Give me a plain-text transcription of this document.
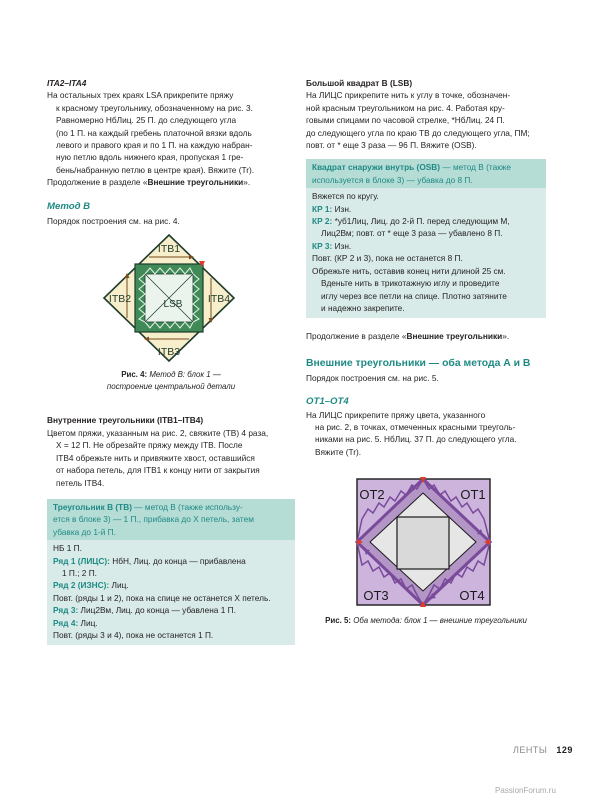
ITA2–ITA4

На остальных трех краях LSA прикрепите пряжу

к красному треугольнику, обозначенному на рис. 3.

Равномерно НбЛиц. 25 П. до следующего угла

(по 1 П. на каждый гребень платочной вязки вдоль

левого и правого края и по 1 П. на каждую набран-

ную петлю вдоль нижнего края, пропуская 1 гре-

бень/набранную петлю в центре края). Вяжите (Tr).

Продолжение в разделе «Внешние треугольники».

Метод В

Порядок построения см. на рис. 4.

ITB1
ITB2	ITB4
ITB3
LSB

Рис. 4: Метод В: блок 1 —

построение центральной детали

Внутренние треугольники (ITB1–ITB4)

Цветом пряжи, указанным на рис. 2, свяжите (TB) 4 раза,

Х = 12 П. Не обрезайте пряжу между ITB. После

ITB4 обрежьте нить и привяжите хвост, оставшийся

от набора петель, для ITB1 к концу нити от закрытия

петель ITB4.

Треугольник В (TB) — метод В (также использу-

ется в блоке 3) — 1 П., прибавка до Х петель, затем

убавка до 1-й П.

НБ 1 П.

Ряд 1 (ЛИЦС): НбН, Лиц. до конца — прибавлена

1 П.; 2 П.

Ряд 2 (ИЗНС): Лиц.

Повт. (ряды 1 и 2), пока на спице не останется Х петель.

Ряд 3: Лиц2Вм, Лиц. до конца — убавлена 1 П.

Ряд 4: Лиц.

Повт. (ряды 3 и 4), пока не останется 1 П.

Большой квадрат В (LSB)

На ЛИЦС прикрепите нить к углу в точке, обозначен-

ной красным треугольником на рис. 4. Работая кру-

говыми спицами по часовой стрелке, *НбЛиц. 24 П.

до следующего угла по краю TB до следующего угла, ПМ;

повт. от * еще 3 раза — 96 П. Вяжите (OSB).

Квадрат снаружи внутрь (OSB) — метод В (также

используется в блоке 3) — убавка до 8 П.

Вяжется по кругу.

КР 1: Изн.

КР 2: *уб1Лиц, Лиц. до 2-й П. перед следующим М,

Лиц2Вм; повт. от * еще 3 раза — убавлено 8 П.

КР 3: Изн.

Повт. (КР 2 и 3), пока не останется 8 П.

Обрежьте нить, оставив конец нити длиной 25 см.

Вденьте нить в трикотажную иглу и проведите

иглу через все петли на спице. Плотно затяните

и надежно закрепите.

Продолжение в разделе «Внешние треугольники».

Внешние треугольники — оба метода А и В

Порядок построения см. на рис. 5.

OT1–OT4

На ЛИЦС прикрепите пряжу цвета, указанного

на рис. 2, в точках, отмеченных красными треуголь-

никами на рис. 5. НбЛиц. 37 П. до следующего угла.

Вяжите (Tr).

OT2	OT1
OT3	OT4

Рис. 5: Оба метода: блок 1 — внешние треугольники

ЛЕНТЫ 129
PassionForum.ru
